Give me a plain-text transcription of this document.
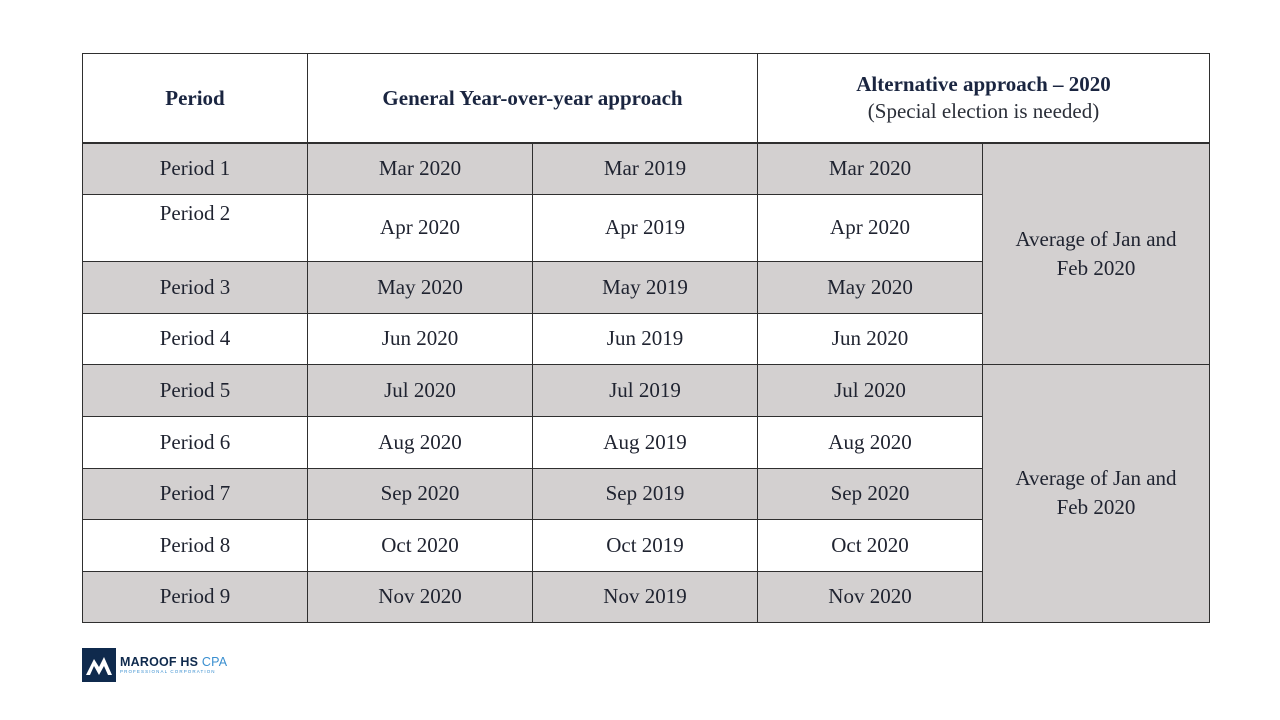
Period	General Year-over-year approach		Alternative approach – 2020
(Special election is needed)	

Period 1	Mar 2020	Mar 2019	Mar 2020	Average of Jan and Feb 2020
Period 2	Apr 2020	Apr 2019	Apr 2020	
Period 3	May 2020	May 2019	May 2020	
Period 4	Jun 2020	Jun 2019	Jun 2020	
Period 5	Jul 2020	Jul 2019	Jul 2020	Average of Jan and Feb 2020
Period 6	Aug 2020	Aug 2019	Aug 2020	
Period 7	Sep 2020	Sep 2019	Sep 2020	
Period 8	Oct 2020	Oct 2019	Oct 2020	
Period 9	Nov 2020	Nov 2019	Nov 2020	
MAROOF HS CPA
PROFESSIONAL CORPORATION
